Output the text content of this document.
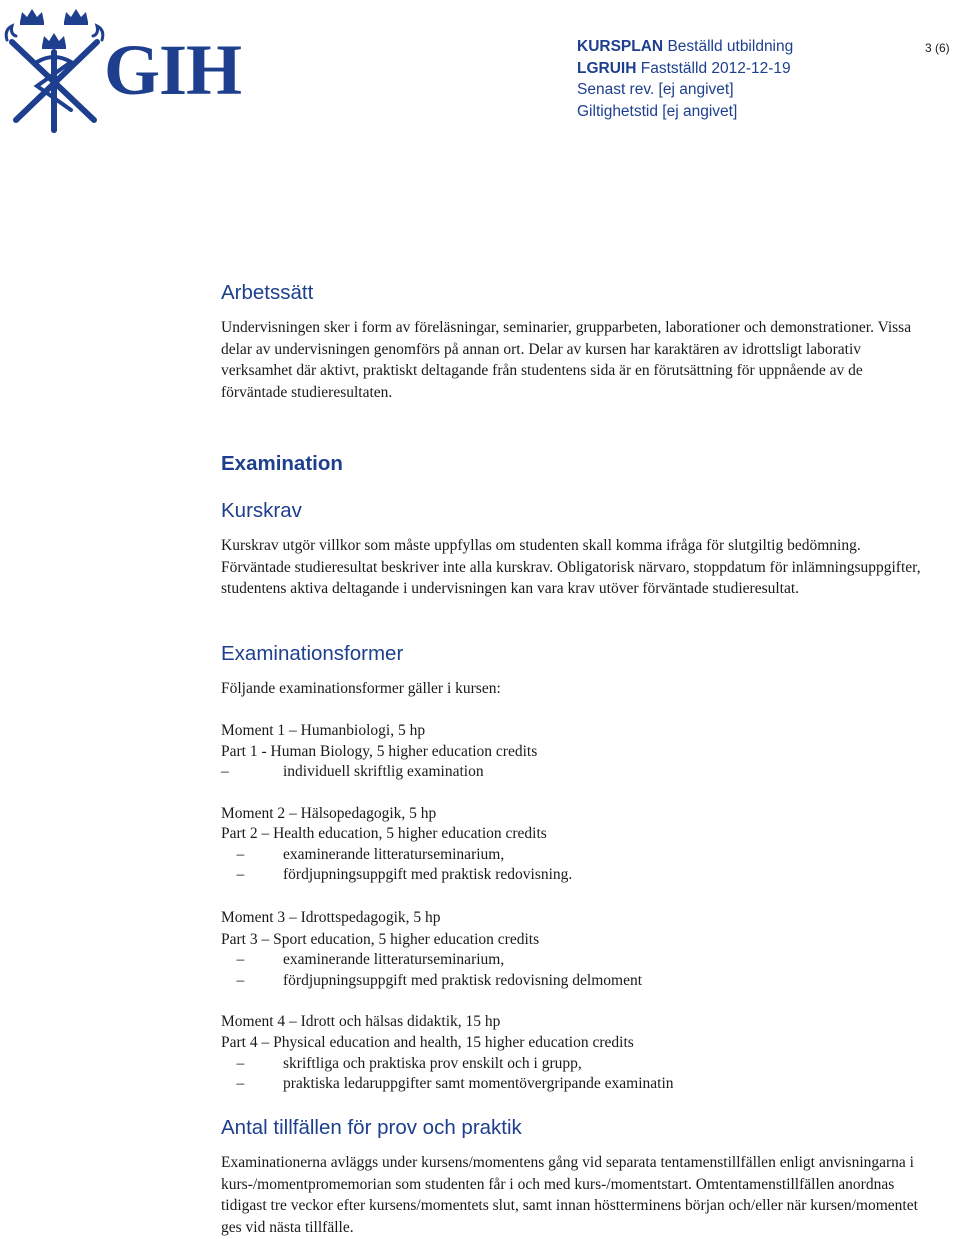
GIH	KURSPLAN Beställd utbildning
LGRUIH Fastställd 2012-12-19
Senast rev. [ej angivet]
Giltighetstid [ej angivet]
3 (6)
Arbetssätt
Undervisningen sker i form av föreläsningar, seminarier, grupparbeten, laborationer och demonstrationer. Vissa delar av undervisningen genomförs på annan ort. Delar av kursen har karaktären av idrottsligt laborativ verksamhet där aktivt, praktiskt deltagande från studentens sida är en förutsättning för uppnående av de förväntade studieresultaten.
Examination
Kurskrav
Kurskrav utgör villkor som måste uppfyllas om studenten skall komma ifråga för slutgiltig bedömning. Förväntade studieresultat beskriver inte alla kurskrav. Obligatorisk närvaro, stoppdatum för inlämningsuppgifter, studentens aktiva deltagande i undervisningen kan vara krav utöver förväntade studieresultat.
Examinationsformer
Följande examinationsformer gäller i kursen:
Moment 1 – Humanbiologi, 5 hp
Part 1 - Human Biology, 5 higher education credits
–	individuell skriftlig examination
Moment 2 – Hälsopedagogik, 5 hp
Part 2 – Health education, 5 higher education credits
–	examinerande litteraturseminarium,
–	fördjupningsuppgift med praktisk redovisning.
Moment 3 – Idrottspedagogik, 5 hp
Part 3 – Sport education, 5 higher education credits
–	examinerande litteraturseminarium,
–	fördjupningsuppgift med praktisk redovisning delmoment
Moment 4 – Idrott och hälsas didaktik, 15 hp
Part 4 – Physical education and health, 15 higher education credits
–	skriftliga och praktiska prov enskilt och i grupp,
–	praktiska ledaruppgifter samt momentövergripande examinatin
Antal tillfällen för prov och praktik
Examinationerna avläggs under kursens/momentens gång vid separata tentamenstillfällen enligt anvisningarna i kurs-/momentpromemorian som studenten får i och med kurs-/momentstart. Omtentamenstillfällen anordnas tidigast tre veckor efter kursens/momentets slut, samt innan höstterminens början och/eller när kursen/momentet ges vid nästa tillfälle.
